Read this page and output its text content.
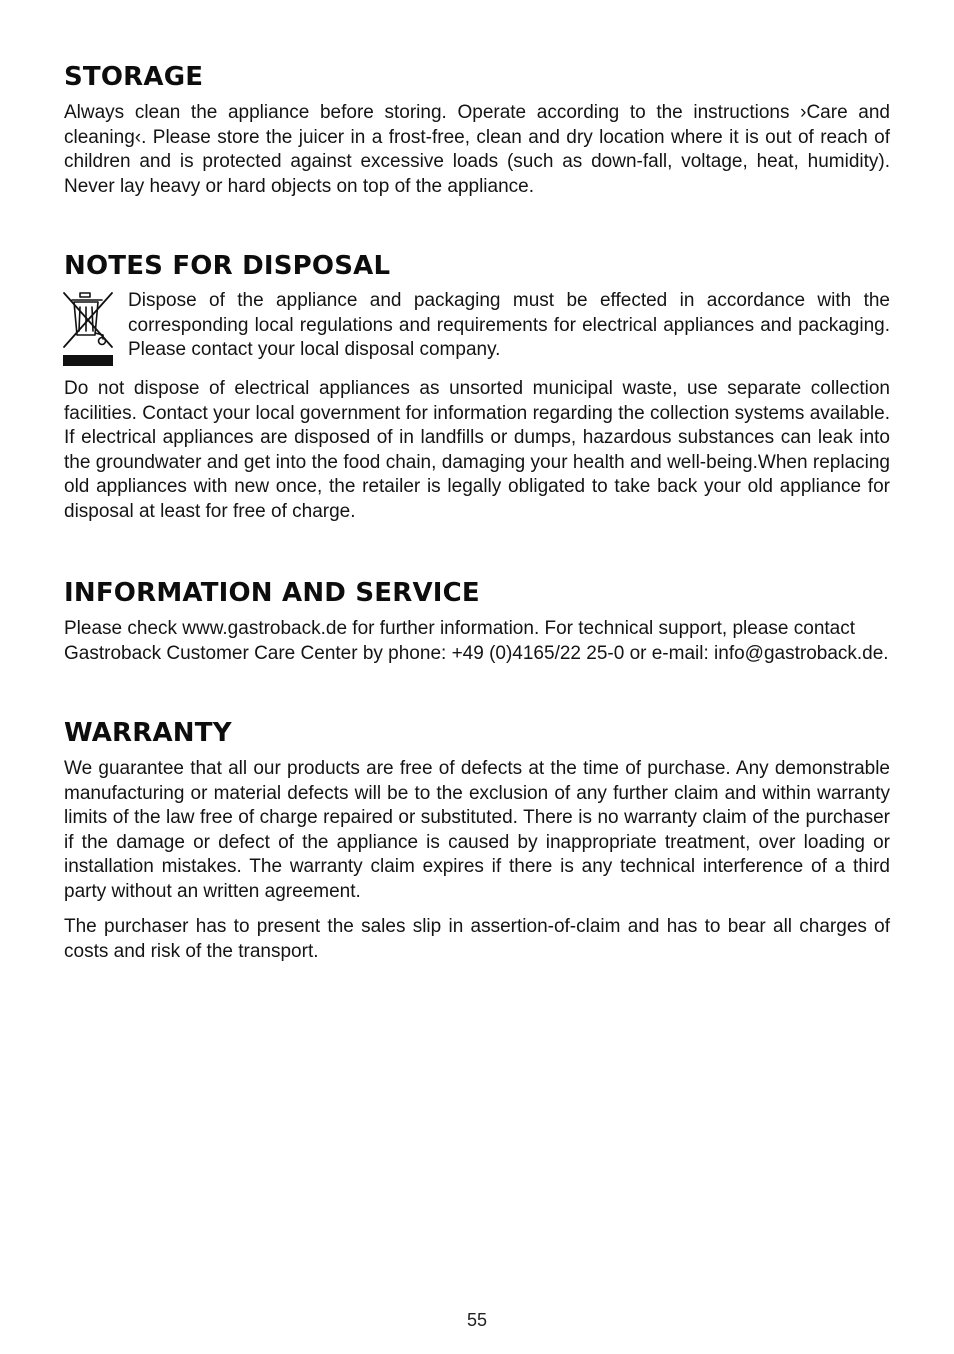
STORAGE

Always clean the appliance before storing. Operate according to the instructions ›Care and cleaning‹. Please store the juicer in a frost-free, clean and dry location where it is out of reach of children and is protected against excessive loads (such as down-fall, voltage, heat, humidity). Never lay heavy or hard objects on top of the appliance.

NOTES FOR DISPOSAL

Dispose of the appliance and packaging must be effected in accordance with the corresponding local regulations and requirements for electrical appliances and packaging. Please contact your local disposal company.

Do not dispose of electrical appliances as unsorted municipal waste, use separate collection facilities. Contact your local government for information regarding the collection systems available. If electrical appliances are disposed of in landfills or dumps, hazardous substances can leak into the groundwater and get into the food chain, damaging your health and well-being.When replacing old appliances with new once, the retailer is legally obligated to take back your old appliance for disposal at least for free of charge.

INFORMATION AND SERVICE

Please check www.gastroback.de for further information. For technical support, please contact Gastroback Customer Care Center by phone: +49 (0)4165/22 25-0 or e-mail: info@gastroback.de.

WARRANTY

We guarantee that all our products are free of defects at the time of purchase. Any demonstrable manufacturing or material defects will be to the exclusion of any further claim and within warranty limits of the law free of charge repaired or substituted. There is no warranty claim of the purchaser if the damage or defect of the appliance is caused by inappropriate treatment, over loading or installation mistakes. The warranty claim expires if there is any technical interference of a third party without an written agreement.

The purchaser has to present the sales slip in assertion-of-claim and has to bear all charges of costs and risk of the transport.

55
